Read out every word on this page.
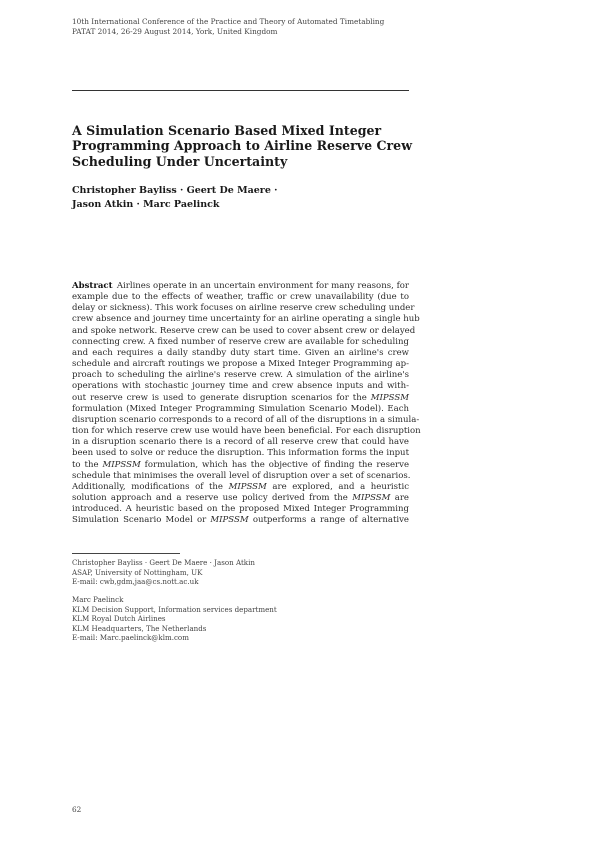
10th International Conference of the Practice and Theory of Automated Timetabling
PATAT 2014, 26-29 August 2014, York, United Kingdom
A Simulation Scenario Based Mixed Integer
Programming Approach to Airline Reserve Crew
Scheduling Under Uncertainty
Christopher Bayliss · Geert De Maere ·
Jason Atkin · Marc Paelinck
Abstract  Airlines operate in an uncertain environment for many reasons, for
example due to the effects of weather, traffic or crew unavailability (due to
delay or sickness). This work focuses on airline reserve crew scheduling under
crew absence and journey time uncertainty for an airline operating a single hub
and spoke network. Reserve crew can be used to cover absent crew or delayed
connecting crew. A fixed number of reserve crew are available for scheduling
and each requires a daily standby duty start time. Given an airline's crew
schedule and aircraft routings we propose a Mixed Integer Programming ap-
proach to scheduling the airline's reserve crew. A simulation of the airline's
operations with stochastic journey time and crew absence inputs and with-
out reserve crew is used to generate disruption scenarios for the MIPSSM
formulation (Mixed Integer Programming Simulation Scenario Model). Each
disruption scenario corresponds to a record of all of the disruptions in a simula-
tion for which reserve crew use would have been beneficial. For each disruption
in a disruption scenario there is a record of all reserve crew that could have
been used to solve or reduce the disruption. This information forms the input
to the MIPSSM formulation, which has the objective of finding the reserve
schedule that minimises the overall level of disruption over a set of scenarios.
Additionally, modifications of the MIPSSM are explored, and a heuristic
solution approach and a reserve use policy derived from the MIPSSM are
introduced. A heuristic based on the proposed Mixed Integer Programming
Simulation Scenario Model or MIPSSM outperforms a range of alternative
Christopher Bayliss · Geert De Maere · Jason Atkin
ASAP, University of Nottingham, UK
E-mail: cwb,gdm,jaa@cs.nott.ac.uk
Marc Paelinck
KLM Decision Support, Information services department
KLM Royal Dutch Airlines
KLM Headquarters, The Netherlands
E-mail: Marc.paelinck@klm.com
62
